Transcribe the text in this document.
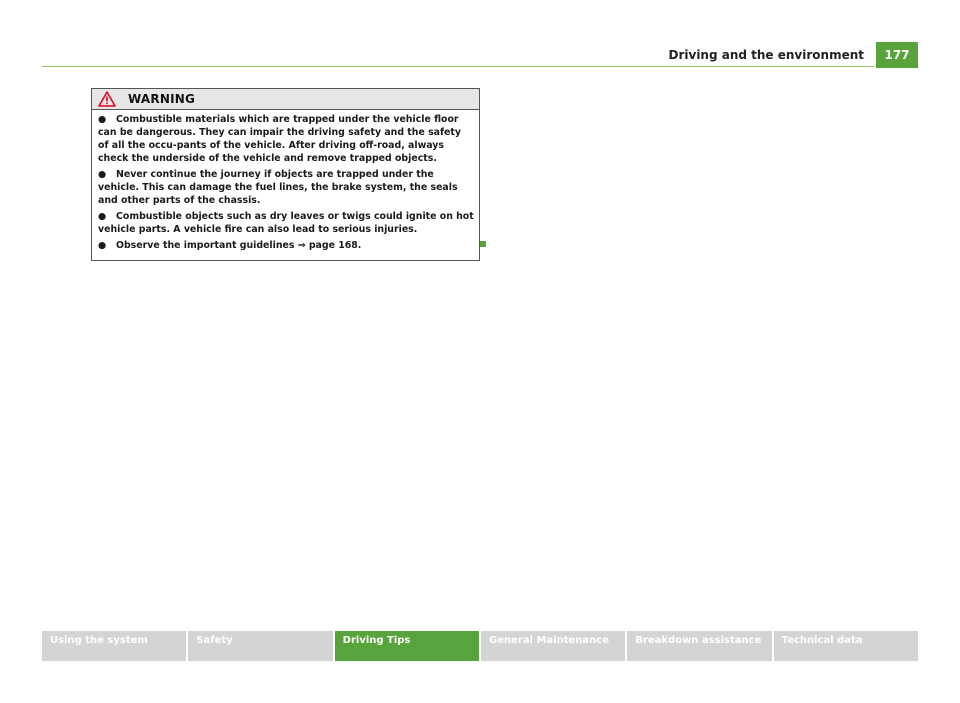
Driving and the environment	177
WARNING

● Combustible materials which are trapped under the vehicle floor can be dangerous. They can impair the driving safety and the safety of all the occu-pants of the vehicle. After driving off-road, always check the underside of the vehicle and remove trapped objects.

● Never continue the journey if objects are trapped under the vehicle. This can damage the fuel lines, the brake system, the seals and other parts of the chassis.

● Combustible objects such as dry leaves or twigs could ignite on hot vehicle parts. A vehicle fire can also lead to serious injuries.

● Observe the important guidelines ⇒ page 168.

Using the system	Safety	Driving Tips	General Maintenance	Breakdown assistance	Technical data
